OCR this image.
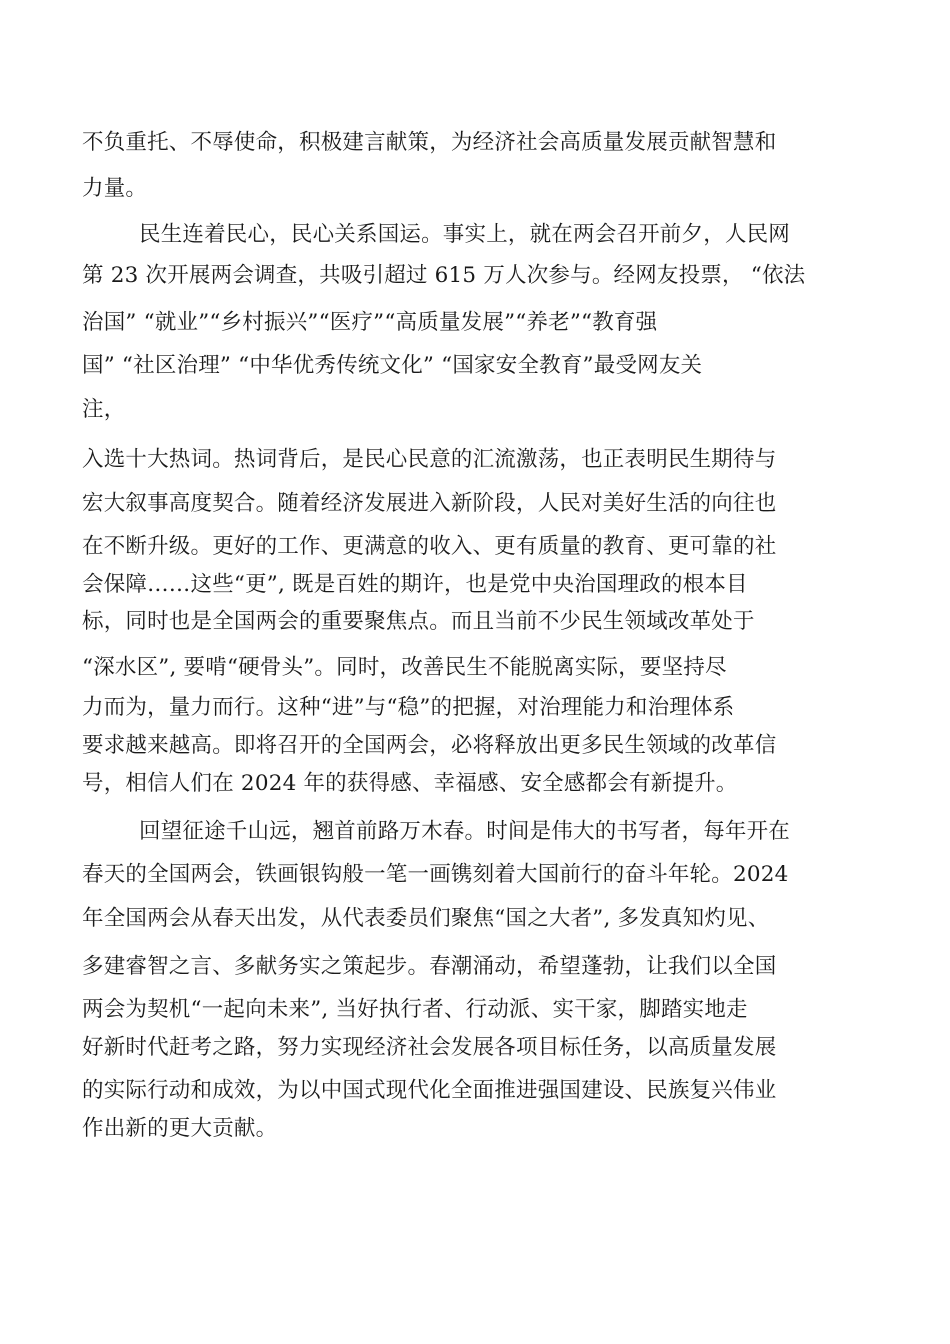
不负重托、不辱使命，积极建言献策，为经济社会高质量发展贡献智慧和

力量。

民生连着民心，民心关系国运。事实上，就在两会召开前夕，人民网

第 23 次开展两会调查，共吸引超过 615 万人次参与。经网友投票， “依法

治国” “就业”“乡村振兴”“医疗”“高质量发展”“养老”“教育强

国” “社区治理” “中华优秀传统文化” “国家安全教育”最受网友关

注，

入选十大热词。热词背后，是民心民意的汇流激荡，也正表明民生期待与

宏大叙事高度契合。随着经济发展进入新阶段，人民对美好生活的向往也

在不断升级。更好的工作、更满意的收入、更有质量的教育、更可靠的社

会保障……这些“更”, 既是百姓的期许，也是党中央治国理政的根本目

标，同时也是全国两会的重要聚焦点。而且当前不少民生领域改革处于

“深水区”, 要啃“硬骨头”。同时，改善民生不能脱离实际，要坚持尽

力而为，量力而行。这种“进”与“稳”的把握，对治理能力和治理体系

要求越来越高。即将召开的全国两会，必将释放出更多民生领域的改革信

号，相信人们在 2024 年的获得感、幸福感、安全感都会有新提升。

回望征途千山远，翘首前路万木春。时间是伟大的书写者，每年开在

春天的全国两会，铁画银钩般一笔一画镌刻着大国前行的奋斗年轮。2024

年全国两会从春天出发，从代表委员们聚焦“国之大者”, 多发真知灼见、

多建睿智之言、多献务实之策起步。春潮涌动，希望蓬勃，让我们以全国

两会为契机“一起向未来”, 当好执行者、行动派、实干家，脚踏实地走

好新时代赶考之路，努力实现经济社会发展各项目标任务，以高质量发展

的实际行动和成效，为以中国式现代化全面推进强国建设、民族复兴伟业

作出新的更大贡献。
